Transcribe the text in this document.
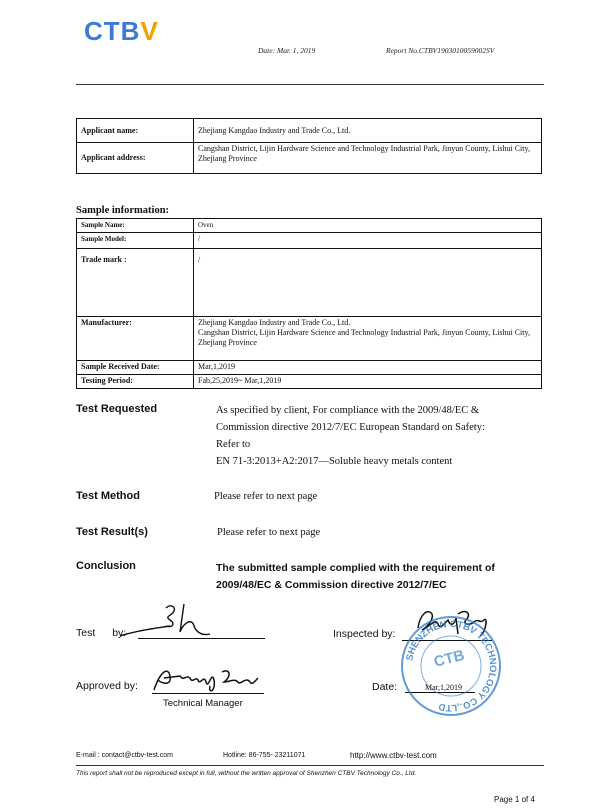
CTBV
Date: Mar. 1, 2019	Report No.CTBV1903010059002SV
Applicant name:	Zhejiang Kangdao Industry and Trade Co., Ltd.
Applicant address:	Cangshan District, Lijin Hardware Science and Technology Industrial Park, Jinyun County, Lishui City, Zhejiang Province
Sample information:
Sample Name:	Oven
Sample Model:	/
Trade mark :	/
Manufacturer:	Zhejiang Kangdao Industry and Trade Co., Ltd.
Cangshan District, Lijin Hardware Science and Technology Industrial Park, Jinyun County, Lishui City, Zhejiang Province

Sample Received Date:	Mar,1,2019
Testing Period:	Fab,25,2019~ Mar,1,2019
Test Requested	As specified by client, For compliance with the 2009/48/EC &
Commission directive 2012/7/EC European Standard on Safety:
Refer to
EN 71-3:2013+A2:2017—Soluble heavy metals content
Test Method	Please refer to next page
Test Result(s)	Please refer to next page
Conclusion	The submitted sample complied with the requirement of
2009/48/EC & Commission directive 2012/7/EC
Test by:	Inspected by:
Approved by:
Technical Manager
Date:	Mar,1,2019
SHENZHEN CTBV TECHNOLOGY CO.,LTD
CTB
E-mail : contact@ctbv-test.com	Hotline: 86-755- 23211071	http://www.ctbv-test.com
This report shall not be reproduced except in full, without the written approval of Shenzhen CTBV Technology Co., Ltd.
Page 1 of 4
